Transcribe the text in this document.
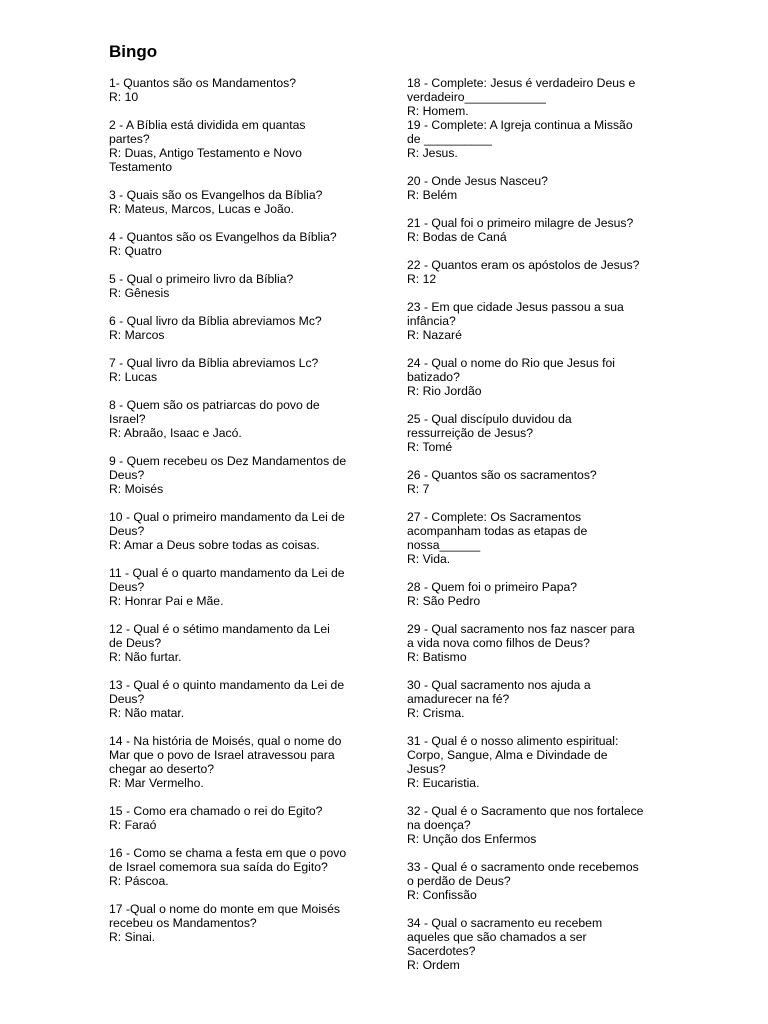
Bingo
1- Quantos são os Mandamentos?
R: 10
2 - A Bíblia está dividida em quantas
partes?
R: Duas, Antigo Testamento e Novo
Testamento
3 - Quais são os Evangelhos da Bíblia?
R: Mateus, Marcos, Lucas e João.
4 - Quantos são os Evangelhos da Bíblia?
R: Quatro
5 - Qual o primeiro livro da Bíblia?
R: Gênesis
6 - Qual livro da Bíblia abreviamos Mc?
R: Marcos
7 - Qual livro da Bíblia abreviamos Lc?
R: Lucas
8 - Quem são os patriarcas do povo de
Israel?
R: Abraão, Isaac e Jacó.
9 - Quem recebeu os Dez Mandamentos de
Deus?
R: Moisés
10 - Qual o primeiro mandamento da Lei de
Deus?
R: Amar a Deus sobre todas as coisas.
11 - Qual é o quarto mandamento da Lei de
Deus?
R: Honrar Pai e Mãe.
12 - Qual é o sétimo mandamento da Lei
de Deus?
R: Não furtar.
13 - Qual é o quinto mandamento da Lei de
Deus?
R: Não matar.
14 - Na história de Moisés, qual o nome do
Mar que o povo de Israel atravessou para
chegar ao deserto?
R: Mar Vermelho.
15 - Como era chamado o rei do Egito?
R: Faraó
16 - Como se chama a festa em que o povo
de Israel comemora sua saída do Egito?
R: Páscoa.
17 -Qual o nome do monte em que Moisés
recebeu os Mandamentos?
R: Sinai.
18 - Complete: Jesus é verdadeiro Deus e
verdadeiro____________
R: Homem.
19 - Complete: A Igreja continua a Missão
de __________
R: Jesus.
20 - Onde Jesus Nasceu?
R: Belém
21 - Qual foi o primeiro milagre de Jesus?
R: Bodas de Caná
22 - Quantos eram os apóstolos de Jesus?
R: 12
23 - Em que cidade Jesus passou a sua
infância?
R: Nazaré
24 - Qual o nome do Rio que Jesus foi
batizado?
R: Rio Jordão
25 - Qual discípulo duvidou da
ressurreição de Jesus?
R: Tomé
26 - Quantos são os sacramentos?
R: 7
27 - Complete: Os Sacramentos
acompanham todas as etapas de
nossa______
R: Vida.
28 - Quem foi o primeiro Papa?
R: São Pedro
29 - Qual sacramento nos faz nascer para
a vida nova como filhos de Deus?
R: Batismo
30 - Qual sacramento nos ajuda a
amadurecer na fé?
R: Crisma.
31 - Qual é o nosso alimento espiritual:
Corpo, Sangue, Alma e Divindade de
Jesus?
R: Eucaristia.
32 - Qual é o Sacramento que nos fortalece
na doença?
R: Unção dos Enfermos
33 - Qual é o sacramento onde recebemos
o perdão de Deus?
R: Confissão
34 - Qual o sacramento eu recebem
aqueles que são chamados a ser
Sacerdotes?
R: Ordem
